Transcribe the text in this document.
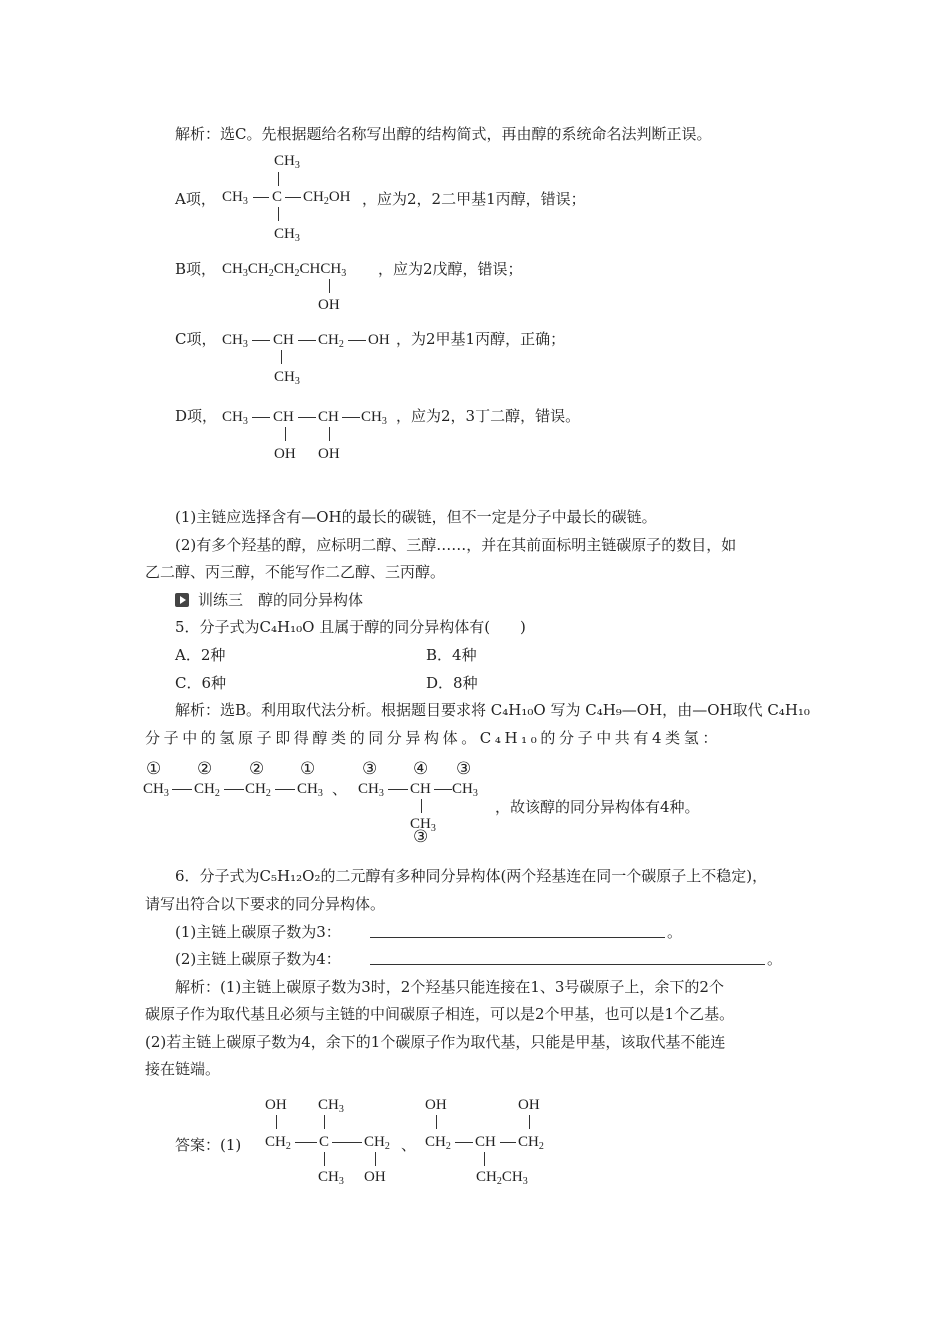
解析：选C。先根据题给名称写出醇的结构简式，再由醇的系统命名法判断正误。
A项，
$CH_3$
$CH_3$ C $CH_2OH$
$CH_3$
，应为2，2二甲基1丙醇，错误；
B项， $CH_3CH_2CH_2CHCH_3$
OH
，应为2戊醇，错误；
C项， $CH_3$ CH $CH_2$ OH
$CH_3$
，为2甲基1丙醇，正确；
D项， $CH_3$ CH CH $CH_3$
OH OH
，应为2，3丁二醇，错误。
(1)主链应选择含有—OH的最长的碳链，但不一定是分子中最长的碳链。
(2)有多个羟基的醇，应标明二醇、三醇……，并在其前面标明主链碳原子的数目，如
乙二醇、丙三醇，不能写作二乙醇、三丙醇。
训练三　醇的同分异构体
5．分子式为C₄H₁₀O 且属于醇的同分异构体有(　　)
A．2种	B．4种
C．6种	D．8种
解析：选B。利用取代法分析。根据题目要求将 C₄H₁₀O 写为 C₄H₉—OH，由—OH取代 C₄H₁₀
分子中的氢原子即得醇类的同分异构体。C₄H₁₀的分子中共有4类氢：
① ② ② ①
$CH_3$ $CH_2$ $CH_2$ $CH_3$ 、
③ ④ ③
$CH_3$ CH $CH_3$
$CH_3$
③
，故该醇的同分异构体有4种。
6．分子式为C₅H₁₂O₂的二元醇有多种同分异构体(两个羟基连在同一个碳原子上不稳定)，
请写出符合以下要求的同分异构体。
(1)主链上碳原子数为3：	。
(2)主链上碳原子数为4：	。
解析：(1)主链上碳原子数为3时，2个羟基只能连接在1、3号碳原子上，余下的2个
碳原子作为取代基且必须与主链的中间碳原子相连，可以是2个甲基，也可以是1个乙基。
(2)若主链上碳原子数为4，余下的1个碳原子作为取代基，只能是甲基，该取代基不能连
接在链端。
答案：(1)
OH $CH_3$
$CH_2$ C $CH_2$
$CH_3$ OH
、
OH	OH
$CH_2$ CH $CH_2$
$CH_2CH_3$
